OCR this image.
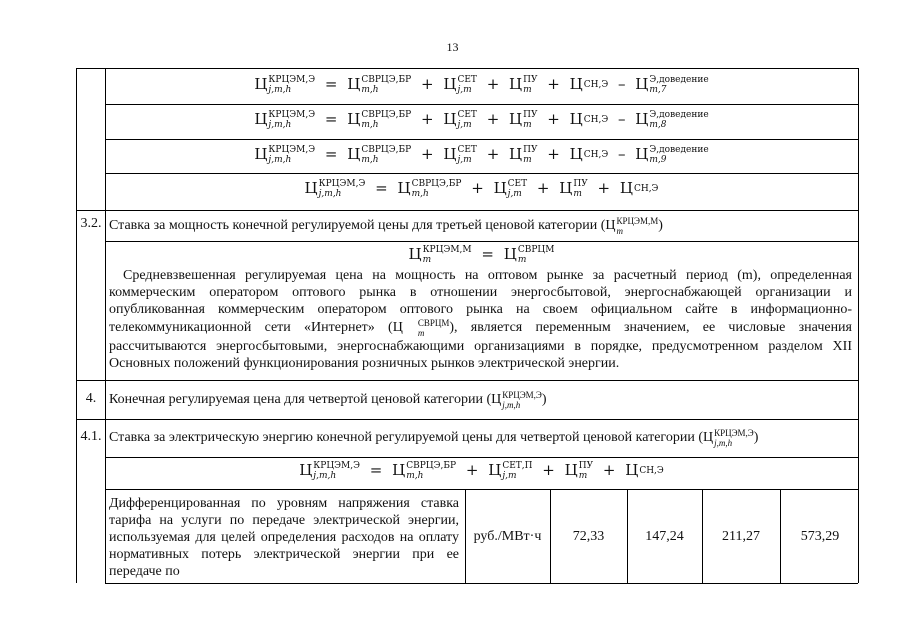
13
Ц КРЦЭМ,Э
j,m,h	= Ц СВРЦЭ,БР
m,h	+ Ц СЕТ
j,m	+ Ц ПУ
m	+ Ц СН,Э – Ц Э,доведение
m,7
Ц КРЦЭМ,Э
j,m,h	= Ц СВРЦЭ,БР
m,h	+ Ц СЕТ
j,m	+ Ц ПУ
m	+ Ц СН,Э – Ц Э,доведение
m,8
Ц КРЦЭМ,Э
j,m,h	= Ц СВРЦЭ,БР
m,h	+ Ц СЕТ
j,m	+ Ц ПУ
m	+ Ц СН,Э – Ц Э,доведение
m,9
Ц КРЦЭМ,Э
j,m,h	= Ц СВРЦЭ,БР
m,h	+ Ц СЕТ
j,m	+ Ц ПУ
m	+ Ц СН,Э
3.2. Ставка за мощность конечной регулируемой цены для третьей ценовой категории (Ц КРЦЭМ,М
m	)
Ц КРЦЭМ,М
m	= Ц СВРЦМ
m
Средневзвешенная регулируемая цена на мощность на оптовом рынке за расчетный период (m), определенная коммерческим оператором оптового рынка в отношении энергосбытовой, энергоснабжающей организации и опубликованная коммерческим оператором оптового рынка на своем официальном сайте в информационно-телекоммуникационной сети «Интернет» (Ц	СВРЦМ
m	), является переменным значением, ее числовые значения рассчитываются энергосбытовыми, энергоснабжающими организациями в порядке, предусмотренном разделом XII Основных положений функционирования розничных рынков электрической энергии.
4. Конечная регулируемая цена для четвертой ценовой категории (Ц КРЦЭМ,Э
j,m,h	)
4.1. Ставка за электрическую энергию конечной регулируемой цены для четвертой ценовой категории (Ц КРЦЭМ,Э
j,m,h	)
Ц КРЦЭМ,Э
j,m,h	= Ц СВРЦЭ,БР
m,h	+ Ц СЕТ,П
j,m	+ Ц ПУ
m	+ Ц СН,Э
Дифференцированная по уровням напряжения ставка тарифа на услуги по передаче электрической энергии, используемая для целей определения расходов на оплату нормативных потерь электрической энергии при ее передаче по
руб./МВт·ч	72,33	147,24	211,27	573,29
